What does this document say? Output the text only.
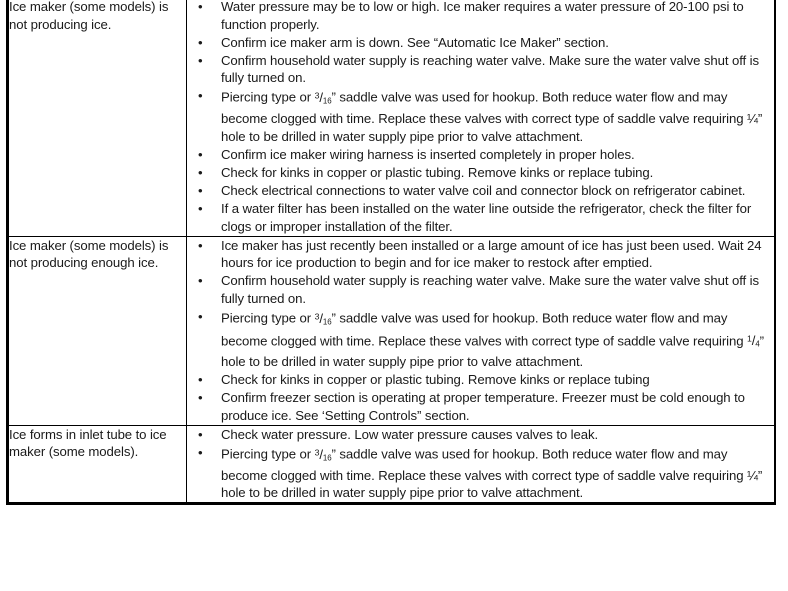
Ice maker (some models) is not producing ice.

•	Water pressure may be to low or high. Ice maker requires a water pressure of 20-100 psi to function properly.
•	Confirm ice maker arm is down. See “Automatic Ice Maker” section.
•	Confirm household water supply is reaching water valve. Make sure the water valve shut off is fully turned on.
•	Piercing type or $^3$/16” saddle valve was used for hookup. Both reduce water flow and may become clogged with time. Replace these valves with correct type of saddle valve requiring ¼” hole to be drilled in water supply pipe prior to valve attachment.
•	Confirm ice maker wiring harness is inserted completely in proper holes.
•	Check for kinks in copper or plastic tubing. Remove kinks or replace tubing.
•	Check electrical connections to water valve coil and connector block on refrigerator cabinet.
•	If a water filter has been installed on the water line outside the refrigerator, check the filter for clogs or improper installation of the filter.

Ice maker (some models) is not producing enough ice.

•	Ice maker has just recently been installed or a large amount of ice has just been used. Wait 24 hours for ice production to begin and for ice maker to restock after emptied.
•	Confirm household water supply is reaching water valve. Make sure the water valve shut off is fully turned on.
•	Piercing type or $^3$/16” saddle valve was used for hookup. Both reduce water flow and may become clogged with time. Replace these valves with correct type of saddle valve requiring $^1$/4” hole to be drilled in water supply pipe prior to valve attachment.
•	Check for kinks in copper or plastic tubing. Remove kinks or replace tubing
•	Confirm freezer section is operating at proper temperature. Freezer must be cold enough to produce ice. See ‘Setting Controls” section.

Ice forms in inlet tube to ice maker (some models).

•	Check water pressure. Low water pressure causes valves to leak.
•	Piercing type or $^3$/16” saddle valve was used for hookup. Both reduce water flow and may become clogged with time. Replace these valves with correct type of saddle valve requiring ¼” hole to be drilled in water supply pipe prior to valve attachment.
